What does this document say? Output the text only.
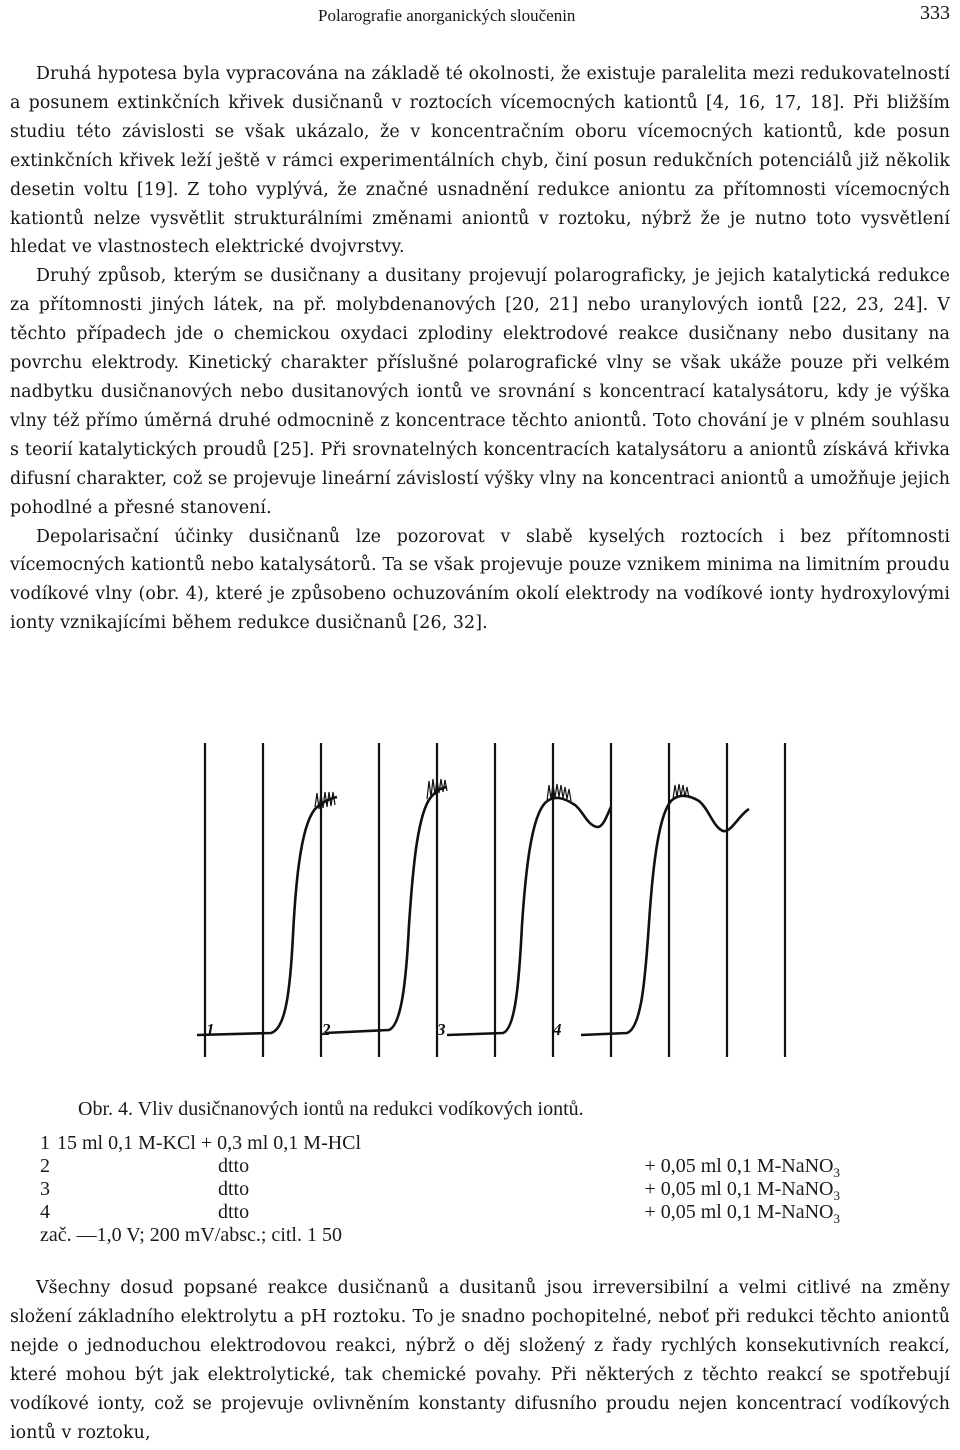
Polarografie anorganických sloučenin	333

Druhá hypotesa byla vypracována na základě té okolnosti, že existuje paralelita mezi redukovatelností a posunem extinkčních křivek dusičnanů v roztocích vícemocných kationtů [4, 16, 17, 18]. Při bližším studiu této závislosti se však ukázalo, že v koncentračním oboru vícemocných kationtů, kde posun extinkčních křivek leží ještě v rámci experimentálních chyb, činí posun redukčních potenciálů již několik desetin voltu [19]. Z toho vyplývá, že značné usnadnění redukce aniontu za přítomnosti vícemocných kationtů nelze vysvětlit strukturálními změnami aniontů v roztoku, nýbrž že je nutno toto vysvětlení hledat ve vlastnostech elektrické dvojvrstvy.

Druhý způsob, kterým se dusičnany a dusitany projevují polarograficky, je jejich katalytická redukce za přítomnosti jiných látek, na př. molybdenanových [20, 21] nebo uranylových iontů [22, 23, 24]. V těchto případech jde o chemickou oxydaci zplodiny elektrodové reakce dusičnany nebo dusitany na povrchu elektrody. Kinetický charakter příslušné polarografické vlny se však ukáže pouze při velkém nadbytku dusičnanových nebo dusitanových iontů ve srovnání s koncentrací katalysátoru, kdy je výška vlny též přímo úměrná druhé odmocnině z koncentrace těchto aniontů. Toto chování je v plném souhlasu s teorií katalytických proudů [25]. Při srovnatelných koncentracích katalysátoru a aniontů získává křivka difusní charakter, což se projevuje lineární závislostí výšky vlny na koncentraci aniontů a umožňuje jejich pohodlné a přesné stanovení.

Depolarisační účinky dusičnanů lze pozorovat v slabě kyselých roztocích i bez přítomnosti vícemocných kationtů nebo katalysátorů. Ta se však projevuje pouze vznikem minima na limitním proudu vodíkové vlny (obr. 4), které je způsobeno ochuzováním okolí elektrody na vodíkové ionty hydroxylovými ionty vznikajícími během redukce dusičnanů [26, 32].

1	2	3	4
Obr. 4. Vliv dusičnanových iontů na redukci vodíkových iontů.
1 15 ml 0,1 M-KCl + 0,3 ml 0,1 M-HCl
2	dtto	+ 0,05 ml 0,1 M-NaNO$_3$
3	dtto	+ 0,05 ml 0,1 M-NaNO$_3$
4	dtto	+ 0,05 ml 0,1 M-NaNO$_3$
zač. —1,0 V; 200 mV/absc.; citl. 1 50

Všechny dosud popsané reakce dusičnanů a dusitanů jsou irreversibilní a velmi citlivé na změny složení základního elektrolytu a pH roztoku. To je snadno pochopitelné, neboť při redukci těchto aniontů nejde o jednoduchou elektrodovou reakci, nýbrž o děj složený z řady rychlých konsekutivních reakcí, které mohou být jak elektrolytické, tak chemické povahy. Při některých z těchto reakcí se spotřebují vodíkové ionty, což se projevuje ovlivněním konstanty difusního proudu nejen koncentrací vodíkových iontů v roztoku,
